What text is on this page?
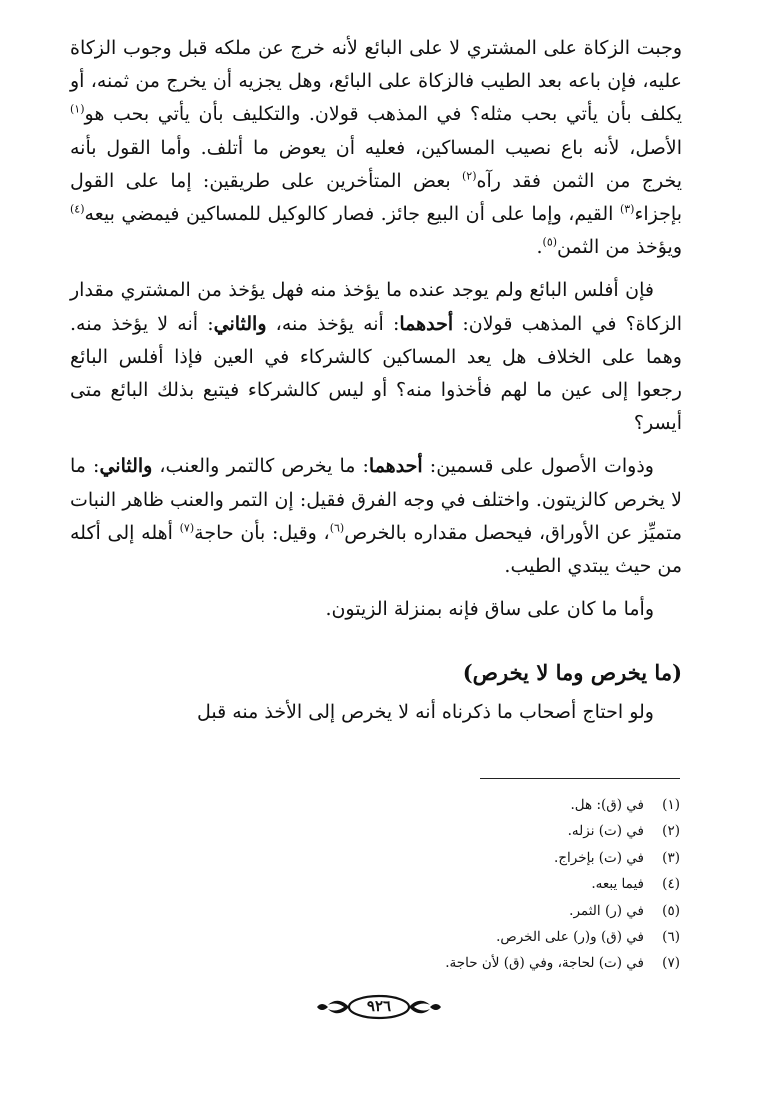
وجبت الزكاة على المشتري لا على البائع لأنه خرج عن ملكه قبل وجوب الزكاة عليه، فإن باعه بعد الطيب فالزكاة على البائع، وهل يجزيه أن يخرج من ثمنه، أو يكلف بأن يأتي بحب مثله؟ في المذهب قولان. والتكليف بأن يأتي بحب هو$^{(١)}$ الأصل، لأنه باع نصيب المساكين، فعليه أن يعوض ما أتلف. وأما القول بأنه يخرج من الثمن فقد رآه$^{(٢)}$ بعض المتأخرين على طريقين: إما على القول بإجزاء$^{(٣)}$ القيم، وإما على أن البيع جائز. فصار كالوكيل للمساكين فيمضي بيعه$^{(٤)}$ ويؤخذ من الثمن$^{(٥)}$.

فإن أفلس البائع ولم يوجد عنده ما يؤخذ منه فهل يؤخذ من المشتري مقدار الزكاة؟ في المذهب قولان: أحدهما: أنه يؤخذ منه، والثاني: أنه لا يؤخذ منه. وهما على الخلاف هل يعد المساكين كالشركاء في العين فإذا أفلس البائع رجعوا إلى عين ما لهم فأخذوا منه؟ أو ليس كالشركاء فيتبع بذلك البائع متى أيسر؟

وذوات الأصول على قسمين: أحدهما: ما يخرص كالتمر والعنب، والثاني: ما لا يخرص كالزيتون. واختلف في وجه الفرق فقيل: إن التمر والعنب ظاهر النبات متميِّز عن الأوراق، فيحصل مقداره بالخرص$^{(٦)}$، وقيل: بأن حاجة$^{(٧)}$ أهله إلى أكله من حيث يبتدي الطيب.

وأما ما كان على ساق فإنه بمنزلة الزيتون.

(ما يخرص وما لا يخرص)

ولو احتاج أصحاب ما ذكرناه أنه لا يخرص إلى الأخذ منه قبل

(١)
في (ق): هل.
(٢)
في (ت) نزله.
(٣)
في (ت) بإخراج.
(٤)
فيما يبعه.
(٥)
في (ر) الثمر.
(٦)
في (ق) و(ر) على الخرص.
(٧)
في (ت) لحاجة، وفي (ق) لأن حاجة.
٩٢٦
